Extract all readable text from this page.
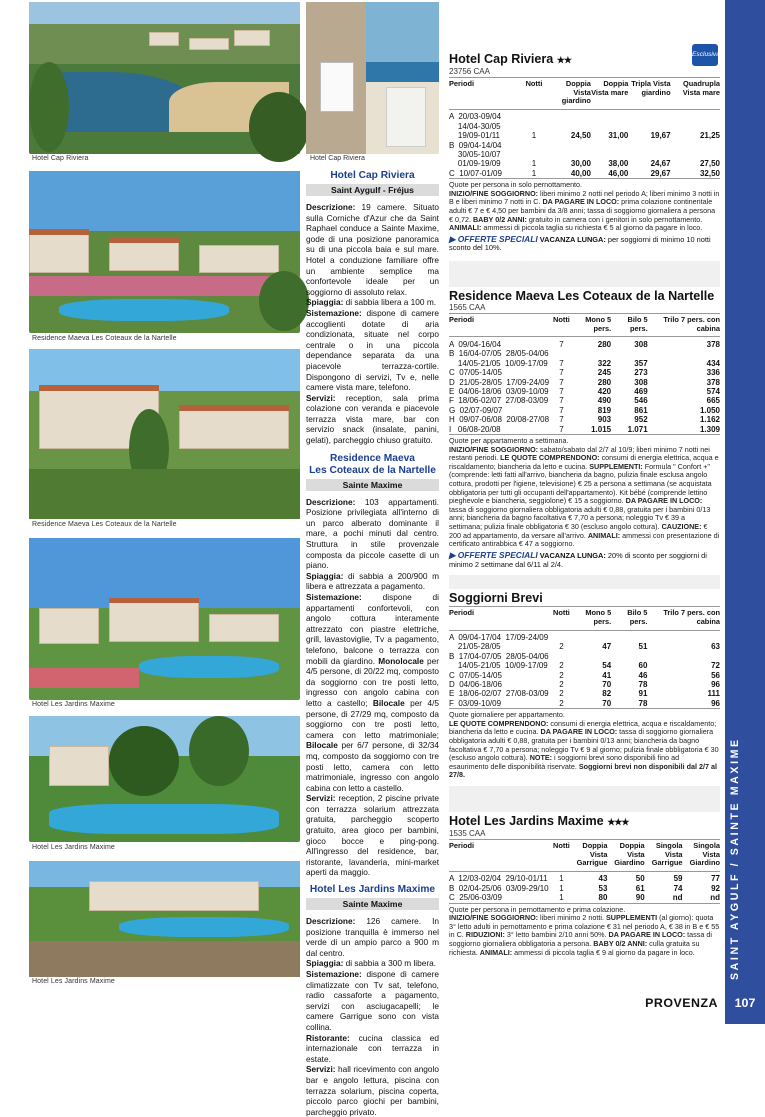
Hotel Cap Riviera	Hotel Cap Riviera
Residence Maeva Les Coteaux de la Nartelle
Residence Maeva Les Coteaux de la Nartelle
Hotel Les Jardins Maxime
Hotel Les Jardins Maxime
Hotel Les Jardins Maxime
Hotel Cap Riviera
Saint Aygulf - Fréjus

Descrizione: 19 camere. Situato sulla Corniche d'Azur che da Saint Raphael conduce a Sainte Maxime, gode di una posizione panoramica su di una piccola baia e sul mare. Hotel a conduzione familiare offre un ambiente semplice ma confortevole ideale per un soggiorno di assoluto relax.

Spiaggia: di sabbia libera a 100 m.

Sistemazione: dispone di camere accoglienti dotate di aria condizionata, situate nel corpo centrale o in una piccola dependance separata da una piacevole terrazza-cortile. Dispongono di servizi, Tv e, nelle camere vista mare, telefono.

Servizi: reception, sala prima colazione con veranda e piacevole terrazza vista mare, bar con servizio snack (insalate, panini, gelati), parcheggio chiuso gratuito.

Residence Maeva
Les Coteaux de la Nartelle
Sainte Maxime

Descrizione: 103 appartamenti. Posizione privilegiata all'interno di un parco alberato dominante il mare, a pochi minuti dal centro. Struttura in stile provenzale composta da piccole casette di un piano.

Spiaggia: di sabbia a 200/900 m libera e attrezzata a pagamento.

Sistemazione: dispone di appartamenti confortevoli, con angolo cottura interamente attrezzato con piastre elettriche, grill, lavastoviglie, Tv a pagamento, telefono, balcone o terrazza con mobili da giardino. Monolocale per 4/5 persone, di 20/22 mq, composto da soggiorno con tre posti letto, ingresso con angolo cabina con letto a castello; Bilocale per 4/5 persone, di 27/29 mq, composto da soggiorno con tre posti letto, camera con letto matrimoniale; Bilocale per 6/7 persone, di 32/34 mq, composto da soggiorno con tre posti letto, camera con letto matrimoniale, ingresso con angolo cabina con letto a castello.

Servizi: reception, 2 piscine private con terrazza solarium attrezzata gratuita, parcheggio scoperto gratuito, area gioco per bambini, gioco bocce e ping-pong. All'ingresso del residence, bar, ristorante, lavanderia, mini-market aperti da maggio.

Hotel Les Jardins Maxime
Sainte Maxime

Descrizione: 126 camere. In posizione tranquilla è immerso nel verde di un ampio parco a 900 m dal centro.

Spiaggia: di sabbia a 300 m libera.

Sistemazione: dispone di camere climatizzate con Tv sat, telefono, radio cassaforte a pagamento, servizi con asciugacapelli; le camere Garrigue sono con vista collina.

Ristorante: cucina classica ed internazionale con terrazza in estate.

Servizi: hall ricevimento con angolo bar e angolo lettura, piscina con terrazza solarium, piscina coperta, piccolo parco giochi per bambini, parcheggio privato.

Esclusiva
Hotel Cap Riviera ★★
23756 CAA
Periodi	Notti	Doppia Vista giardino	Doppia Vista mare	Tripla Vista giardino	Quadrupla Vista mare

A  20/03-09/04					
14/04-30/05					
19/09-01/11	1	24,50	31,00	19,67	21,25
B  09/04-14/04					
30/05-10/07					
01/09-19/09	1	30,00	38,00	24,67	27,50
C  10/07-01/09	1	40,00	46,00	29,67	32,50
Quote per persona in solo pernottamento.
INIZIO/FINE SOGGIORNO: liberi minimo 2 notti nel periodo A; liberi minimo 3 notti in B e liberi minimo 7 notti in C. DA PAGARE IN LOCO: prima colazione continentale adulti € 7 e € 4,50 per bambini da 3/8 anni; tassa di soggiorno giornaliera a persona € 0,72. BABY 0/2 ANNI: gratuito in camera con i genitori in solo pernottamento. ANIMALI: ammessi di piccola taglia su richiesta € 5 al giorno da pagare in loco.
▶ OFFERTE SPECIALI VACANZA LUNGA: per soggiorni di minimo 10 notti sconto del 10%.
Residence Maeva Les Coteaux de la Nartelle
1565 CAA
Periodi	Notti	Mono 5 pers.	Bilo 5 pers.	Trilo 7 pers. con cabina

A  09/04-16/04	7	280	308	378
B  16/04-07/05  28/05-04/06				
14/05-21/05  10/09-17/09	7	322	357	434
C  07/05-14/05	7	245	273	336
D  21/05-28/05  17/09-24/09	7	280	308	378
E  04/06-18/06  03/09-10/09	7	420	469	574
F  18/06-02/07  27/08-03/09	7	490	546	665
G  02/07-09/07	7	819	861	1.050
H  09/07-06/08  20/08-27/08	7	903	952	1.162
I   06/08-20/08	7	1.015	1.071	1.309
Quote per appartamento a settimana.
INIZIO/FINE SOGGIORNO: sabato/sabato dal 2/7 al 10/9; liberi minimo 7 notti nei restanti periodi. LE QUOTE COMPRENDONO: consumi di energia elettrica, acqua e riscaldamento; biancheria da letto e cucina. SUPPLEMENTI: Formula " Confort +" (comprende: letti fatti all'arrivo, biancheria da bagno, pulizia finale esclusa angolo cottura, prodotti per l'igiene, televisione) € 25 a persona a settimana (se acquistata obbligatoria per tutti gli occupanti dell'appartamento). Kit bébé (comprende lettino pieghevole e biancheria, seggiolone) € 15 a soggiorno. DA PAGARE IN LOCO: tassa di soggiorno giornaliera obbligatoria adulti € 0,88, gratuita per i bambini 0/13 anni; biancheria da bagno facoltativa € 7,70 a persona; noleggio Tv € 39 a settimana; pulizia finale obbligatoria € 30 (escluso angolo cottura). CAUZIONE: € 200 ad appartamento, da versare all'arrivo. ANIMALI: ammessi con presentazione di certificato antirabbica € 47 a soggiorno.
▶ OFFERTE SPECIALI VACANZA LUNGA: 20% di sconto per soggiorni di minimo 2 settimane dal 6/11 al 2/4.
Soggiorni Brevi
Periodi	Notti	Mono 5 pers.	Bilo 5 pers.	Trilo 7 pers. con cabina

A  09/04-17/04  17/09-24/09				
21/05-28/05	2	47	51	63
B  17/04-07/05  28/05-04/06				
14/05-21/05  10/09-17/09	2	54	60	72
C  07/05-14/05	2	41	46	56
D  04/06-18/06	2	70	78	96
E  18/06-02/07  27/08-03/09	2	82	91	111
F  03/09-10/09	2	70	78	96
Quote giornaliere per appartamento.
LE QUOTE COMPRENDONO: consumi di energia elettrica, acqua e riscaldamento; biancheria da letto e cucina. DA PAGARE IN LOCO: tassa di soggiorno giornaliera obbligatoria adulti € 0,88, gratuita per i bambini 0/13 anni; biancheria da bagno facoltativa € 7,70 a persona; noleggio Tv € 9 al giorno; pulizia finale obbligatoria € 30 (escluso angolo cottura). NOTE: i soggiorni brevi sono disponibili fino ad esaurimento delle disponibilità riservate. Soggiorni brevi non disponibili dal 2/7 al 27/8.
Hotel Les Jardins Maxime ★★★
1535 CAA
Periodi	Notti	Doppia Vista Garrigue	Doppia Vista Giardino	Singola Vista Garrigue	Singola Vista Giardino

A  12/03-02/04  29/10-01/11	1	43	50	59	77
B  02/04-25/06  03/09-29/10	1	53	61	74	92
C  25/06-03/09	1	80	90	nd	nd
Quote per persona in pernottamento e prima colazione.
INIZIO/FINE SOGGIORNO: liberi minimo 2 notti. SUPPLEMENTI (al giorno): quota 3° letto adulti in pernottamento e prima colazione € 31 nel periodo A, € 38 in B e € 55 in C. RIDUZIONI: 3° letto bambini 2/10 anni 50%. DA PAGARE IN LOCO: tassa di soggiorno giornaliera obbligatoria a persona. BABY 0/2 ANNI: culla gratuita su richiesta. ANIMALI: ammessi di piccola taglia € 9 al giorno da pagare in loco.
PROVENZA	107
